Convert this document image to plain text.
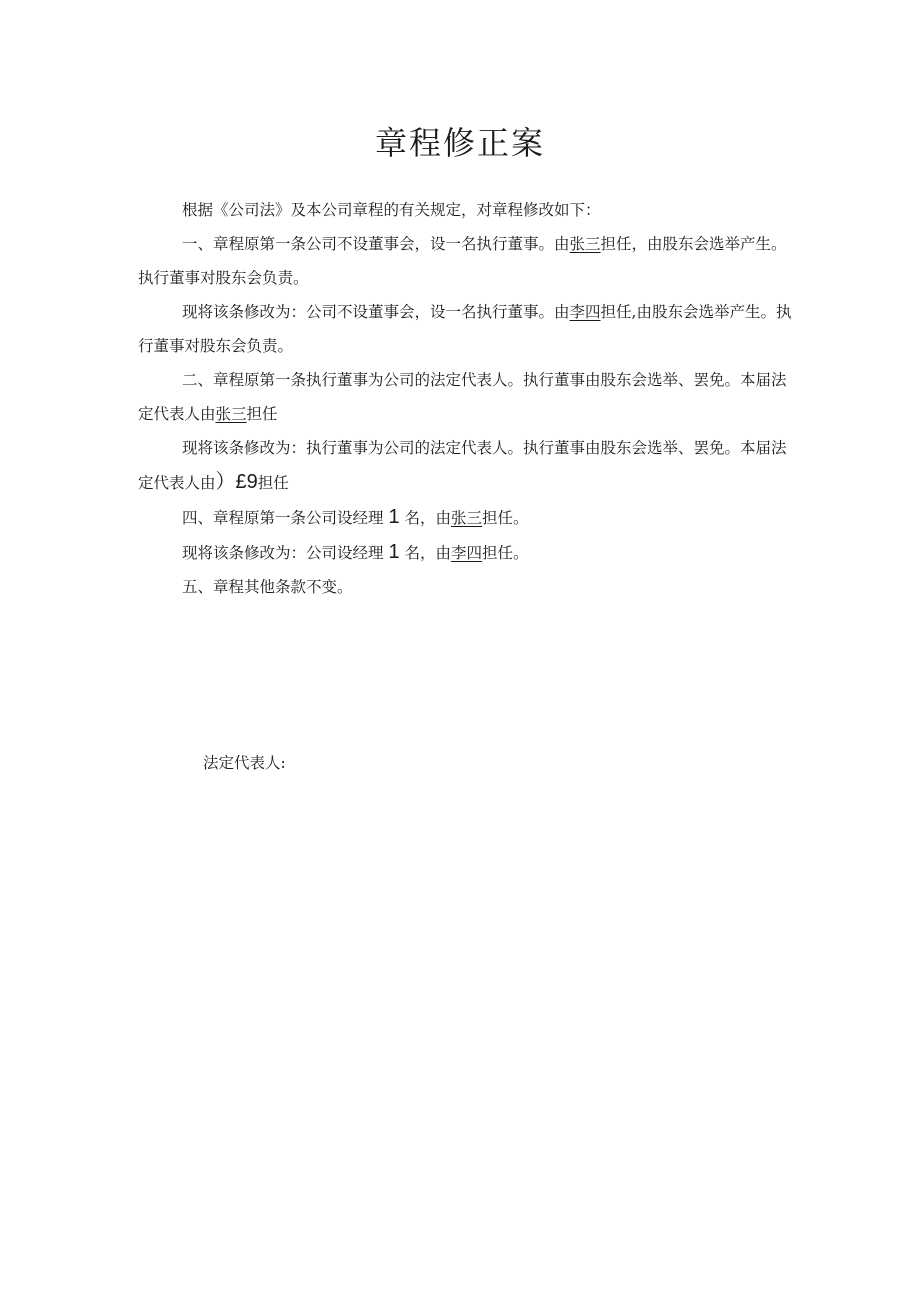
章程修正案

根据《公司法》及本公司章程的有关规定，对章程修改如下：

一、章程原第一条公司不设董事会，设一名执行董事。由张三担任，由股东会选举产生。执行董事对股东会负责。

现将该条修改为：公司不设董事会，设一名执行董事。由李四担任,由股东会选举产生。执行董事对股东会负责。

二、章程原第一条执行董事为公司的法定代表人。执行董事由股东会选举、罢免。本届法定代表人由张三担任

现将该条修改为：执行董事为公司的法定代表人。执行董事由股东会选举、罢免。本届法定代表人由）£9担任

四、章程原第一条公司设经理 1 名，由张三担任。

现将该条修改为：公司设经理 1 名，由李四担任。

五、章程其他条款不变。

法定代表人:
